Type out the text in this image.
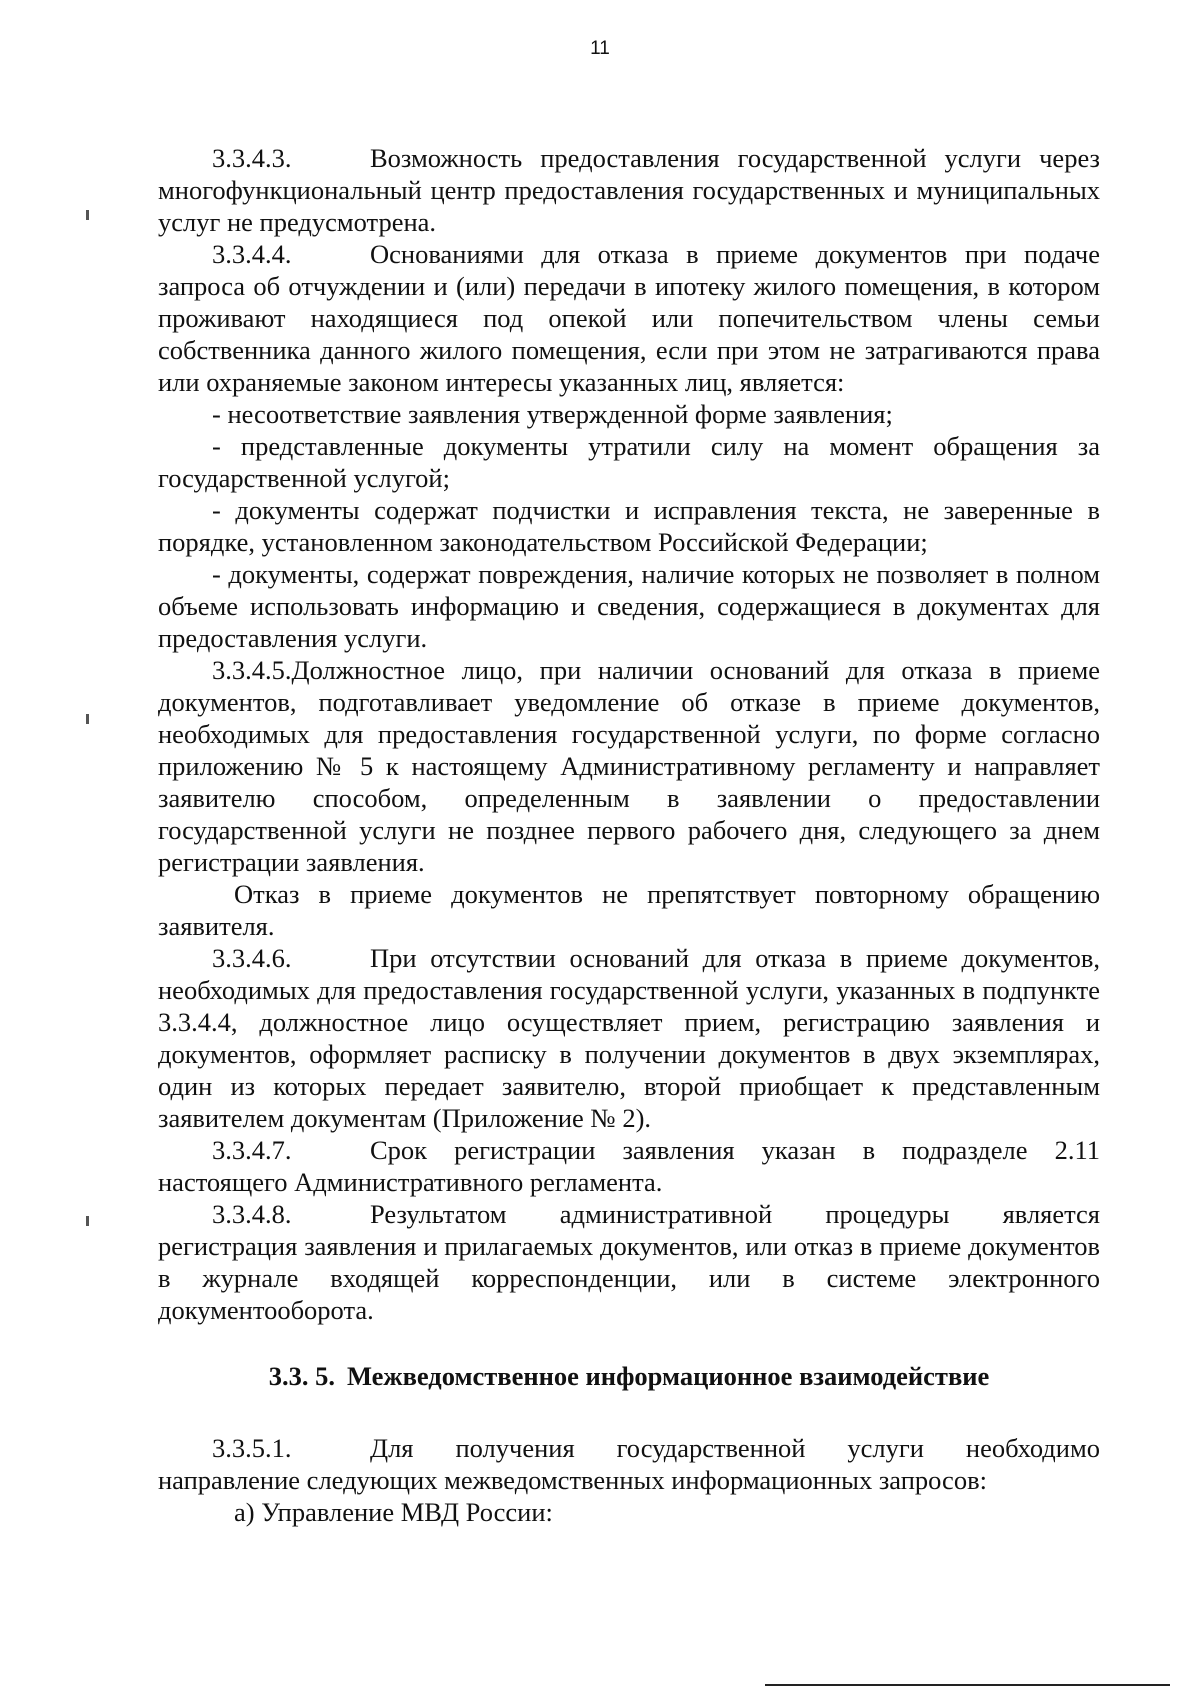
11

3.3.4.3.	Возможность предоставления государственной услуги через многофункциональный центр предоставления государственных и муниципальных услуг не предусмотрена.

3.3.4.4.	Основаниями для отказа в приеме документов при подаче запроса об отчуждении и (или) передачи в ипотеку жилого помещения, в котором проживают находящиеся под опекой или попечительством члены семьи собственника данного жилого помещения, если при этом не затрагиваются права или охраняемые законом интересы указанных лиц, является:

- несоответствие заявления утвержденной форме заявления;

- представленные документы утратили силу на момент обращения за государственной услугой;

- документы содержат подчистки и исправления текста, не заверенные в порядке, установленном законодательством Российской Федерации;

- документы, содержат повреждения, наличие которых не позволяет в полном объеме использовать информацию и сведения, содержащиеся в документах для предоставления услуги.

3.3.4.5.Должностное лицо, при наличии оснований для отказа в приеме документов, подготавливает уведомление об отказе в приеме документов, необходимых для предоставления государственной услуги, по форме согласно приложению № 5 к настоящему Административному регламенту и направляет заявителю способом, определенным в заявлении о предоставлении государственной услуги не позднее первого рабочего дня, следующего за днем регистрации заявления.

Отказ в приеме документов не препятствует повторному обращению заявителя.

3.3.4.6.	При отсутствии оснований для отказа в приеме документов, необходимых для предоставления государственной услуги, указанных в подпункте 3.3.4.4, должностное лицо осуществляет прием, регистрацию заявления и документов, оформляет расписку в получении документов в двух экземплярах, один из которых передает заявителю, второй приобщает к представленным заявителем документам (Приложение № 2).

3.3.4.7.	Срок регистрации заявления указан в подразделе 2.11 настоящего Административного регламента.

3.3.4.8.	Результатом административной процедуры является регистрация заявления и прилагаемых документов, или отказ в приеме документов в журнале входящей корреспонденции, или в системе электронного документооборота.

3.3. 5. Межведомственное информационное взаимодействие

3.3.5.1.	Для получения государственной услуги необходимо направление следующих межведомственных информационных запросов:

а) Управление МВД России:
